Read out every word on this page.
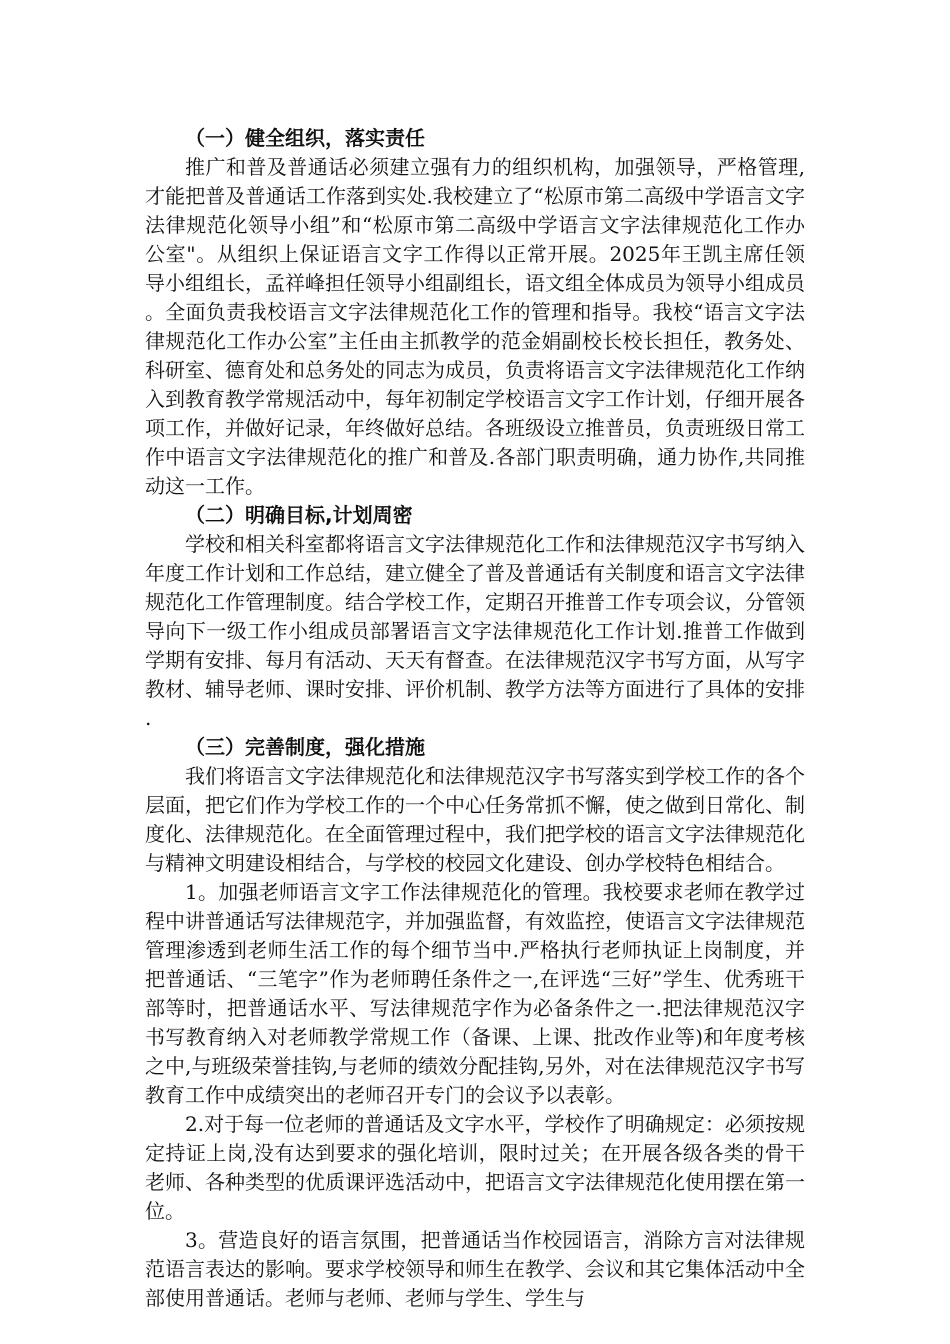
（一）健全组织，落实责任

推广和普及普通话必须建立强有力的组织机构，加强领导，严格管理,才能把普及普通话工作落到实处.我校建立了“松原市第二高级中学语言文字法律规范化领导小组”和“松原市第二高级中学语言文字法律规范化工作办公室"。从组织上保证语言文字工作得以正常开展。2025年王凯主席任领导小组组长，孟祥峰担任领导小组副组长，语文组全体成员为领导小组成员。全面负责我校语言文字法律规范化工作的管理和指导。我校“语言文字法律规范化工作办公室”主任由主抓教学的范金娟副校长校长担任，教务处、科研室、德育处和总务处的同志为成员，负责将语言文字法律规范化工作纳入到教育教学常规活动中，每年初制定学校语言文字工作计划，仔细开展各项工作，并做好记录，年终做好总结。各班级设立推普员，负责班级日常工作中语言文字法律规范化的推广和普及.各部门职责明确，通力协作,共同推动这一工作。

（二）明确目标,计划周密

学校和相关科室都将语言文字法律规范化工作和法律规范汉字书写纳入年度工作计划和工作总结，建立健全了普及普通话有关制度和语言文字法律规范化工作管理制度。结合学校工作，定期召开推普工作专项会议，分管领导向下一级工作小组成员部署语言文字法律规范化工作计划.推普工作做到学期有安排、每月有活动、天天有督查。在法律规范汉字书写方面，从写字教材、辅导老师、课时安排、评价机制、教学方法等方面进行了具体的安排.

（三）完善制度，强化措施

我们将语言文字法律规范化和法律规范汉字书写落实到学校工作的各个层面，把它们作为学校工作的一个中心任务常抓不懈，使之做到日常化、制度化、法律规范化。在全面管理过程中，我们把学校的语言文字法律规范化与精神文明建设相结合，与学校的校园文化建设、创办学校特色相结合。

1。加强老师语言文字工作法律规范化的管理。我校要求老师在教学过程中讲普通话写法律规范字，并加强监督，有效监控，使语言文字法律规范管理渗透到老师生活工作的每个细节当中.严格执行老师执证上岗制度，并把普通话、“三笔字”作为老师聘任条件之一,在评选“三好”学生、优秀班干部等时，把普通话水平、写法律规范字作为必备条件之一.把法律规范汉字书写教育纳入对老师教学常规工作（备课、上课、批改作业等)和年度考核之中,与班级荣誉挂钩,与老师的绩效分配挂钩,另外，对在法律规范汉字书写教育工作中成绩突出的老师召开专门的会议予以表彰。

2.对于每一位老师的普通话及文字水平，学校作了明确规定：必须按规定持证上岗,没有达到要求的强化培训，限时过关；在开展各级各类的骨干老师、各种类型的优质课评选活动中，把语言文字法律规范化使用摆在第一位。

3。营造良好的语言氛围，把普通话当作校园语言，消除方言对法律规范语言表达的影响。要求学校领导和师生在教学、会议和其它集体活动中全部使用普通话。老师与老师、老师与学生、学生与
